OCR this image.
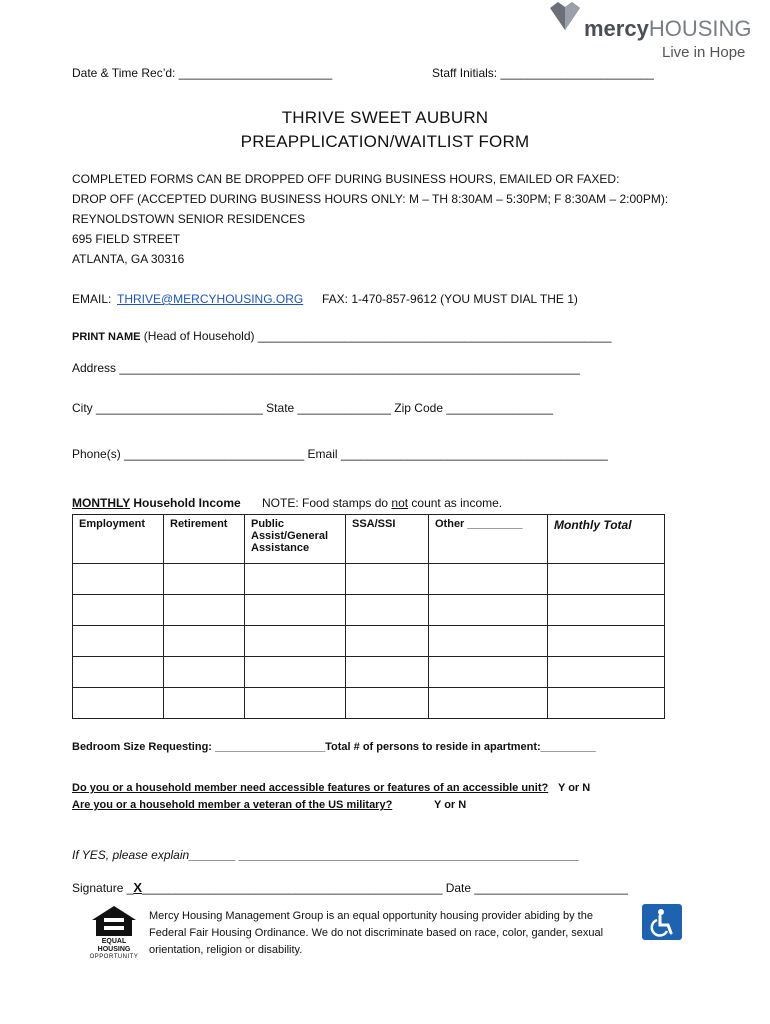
mercyHOUSING
Live in Hope
Date & Time Rec’d: _______________________	Staff Initials: _______________________
THRIVE SWEET AUBURN
PREAPPLICATION/WAITLIST FORM
COMPLETED FORMS CAN BE DROPPED OFF DURING BUSINESS HOURS, EMAILED OR FAXED:
DROP OFF (ACCEPTED DURING BUSINESS HOURS ONLY: M – TH 8:30AM – 5:30PM; F 8:30AM – 2:00PM):
REYNOLDSTOWN SENIOR RESIDENCES
695 FIELD STREET
ATLANTA, GA 30316
EMAIL: THRIVE@MERCYHOUSING.ORG FAX: 1-470-857-9612 (YOU MUST DIAL THE 1)
PRINT NAME (Head of Household) _____________________________________________________
Address _____________________________________________________________________
City _________________________ State ______________ Zip Code ________________
Phone(s) ___________________________ Email ________________________________________
MONTHLY Household Income NOTE: Food stamps do not count as income.
Employment	Retirement	Public Assist/General Assistance	SSA/SSI	Other _________	Monthly Total

Bedroom Size Requesting: __________________Total # of persons to reside in apartment:_________
Do you or a household member need accessible features or features of an accessible unit? Y or N
Are you or a household member a veteran of the US military?	Y or N
If YES, please explain_______ ___________________________________________________
Signature _X_____________________________________________ Date _______________________
EQUAL HOUSING
OPPORTUNITY
Mercy Housing Management Group is an equal opportunity housing provider abiding by the Federal Fair Housing Ordinance. We do not discriminate based on race, color, gander, sexual orientation, religion or disability.
